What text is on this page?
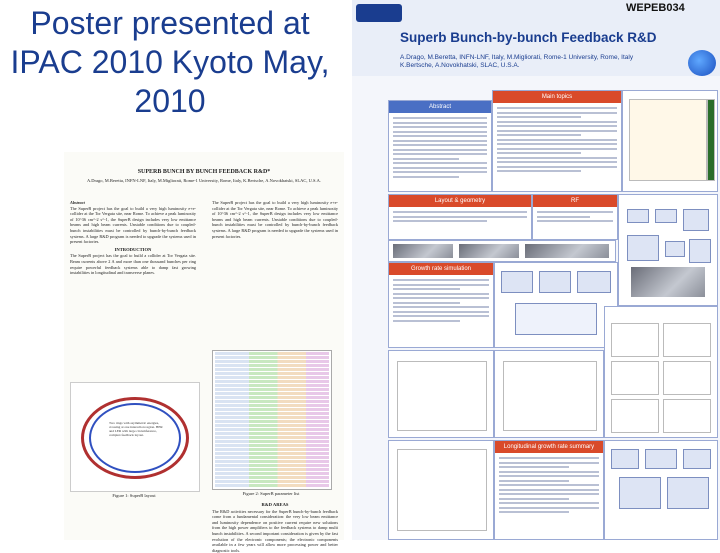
Poster presented at IPAC 2010 Kyoto May, 2010
SUPERB BUNCH BY BUNCH FEEDBACK R&D*
A.Drago, M.Beretta, INFN-LNF, Italy, M.Migliorati, Rome-1 University, Rome, Italy, K.Bertsche, A.Novokhatski, SLAC, U.S.A.

Abstract

The SuperB project has the goal to build a very high luminosity e+e- collider at the Tor Vergata site, near Rome. To achieve a peak luminosity of 10^36 cm^-2 s^-1, the SuperB design includes very low emittance beams and high beam currents. Unstable conditions due to coupled-bunch instabilities must be controlled by bunch-by-bunch feedback systems. A large R&D program is needed to upgrade the systems used in present factories.
INTRODUCTION
The SuperB project has the goal to build a collider at Tor Vergata site. Beam currents above 2 A and more than one thousand bunches per ring require powerful feedback systems able to damp fast growing instabilities in longitudinal and transverse planes.
Two rings with asymmetric energies, crossing at one interaction region. HER and LER with large circumference, complex feedback layout.
Figure 1: SuperB layout
The SuperB project has the goal to build a very high luminosity e+e- collider at the Tor Vergata site, near Rome. To achieve a peak luminosity of 10^36 cm^-2 s^-1, the SuperB design includes very low emittance beams and high beam currents. Unstable conditions due to coupled-bunch instabilities must be controlled by bunch-by-bunch feedback systems. A large R&D program is needed to upgrade the systems used in present factories.
Figure 2: SuperB parameter list
R&D AREAS
The R&D activities necessary for the SuperB bunch-by-bunch feedback come from a fundamental consideration: the very low beam emittance and luminosity dependence on positive current require new solutions from the high power amplifiers to the feedback systems to damp multi bunch instabilities. A second important consideration is given by the fast evolution of the electronic components; the electronic components available in a few years will allow more processing power and better diagnostic tools.
WEPEB034
Superb Bunch-by-bunch Feedback R&D
A.Drago, M.Beretta, INFN-LNF, Italy, M.Migliorati, Rome-1 University, Rome, Italy
K.Bertsche, A.Novokhatski, SLAC, U.S.A.
Abstract
Main topics
Layout & geometry	RF
Growth rate simulation
Longitudinal growth rate summary
